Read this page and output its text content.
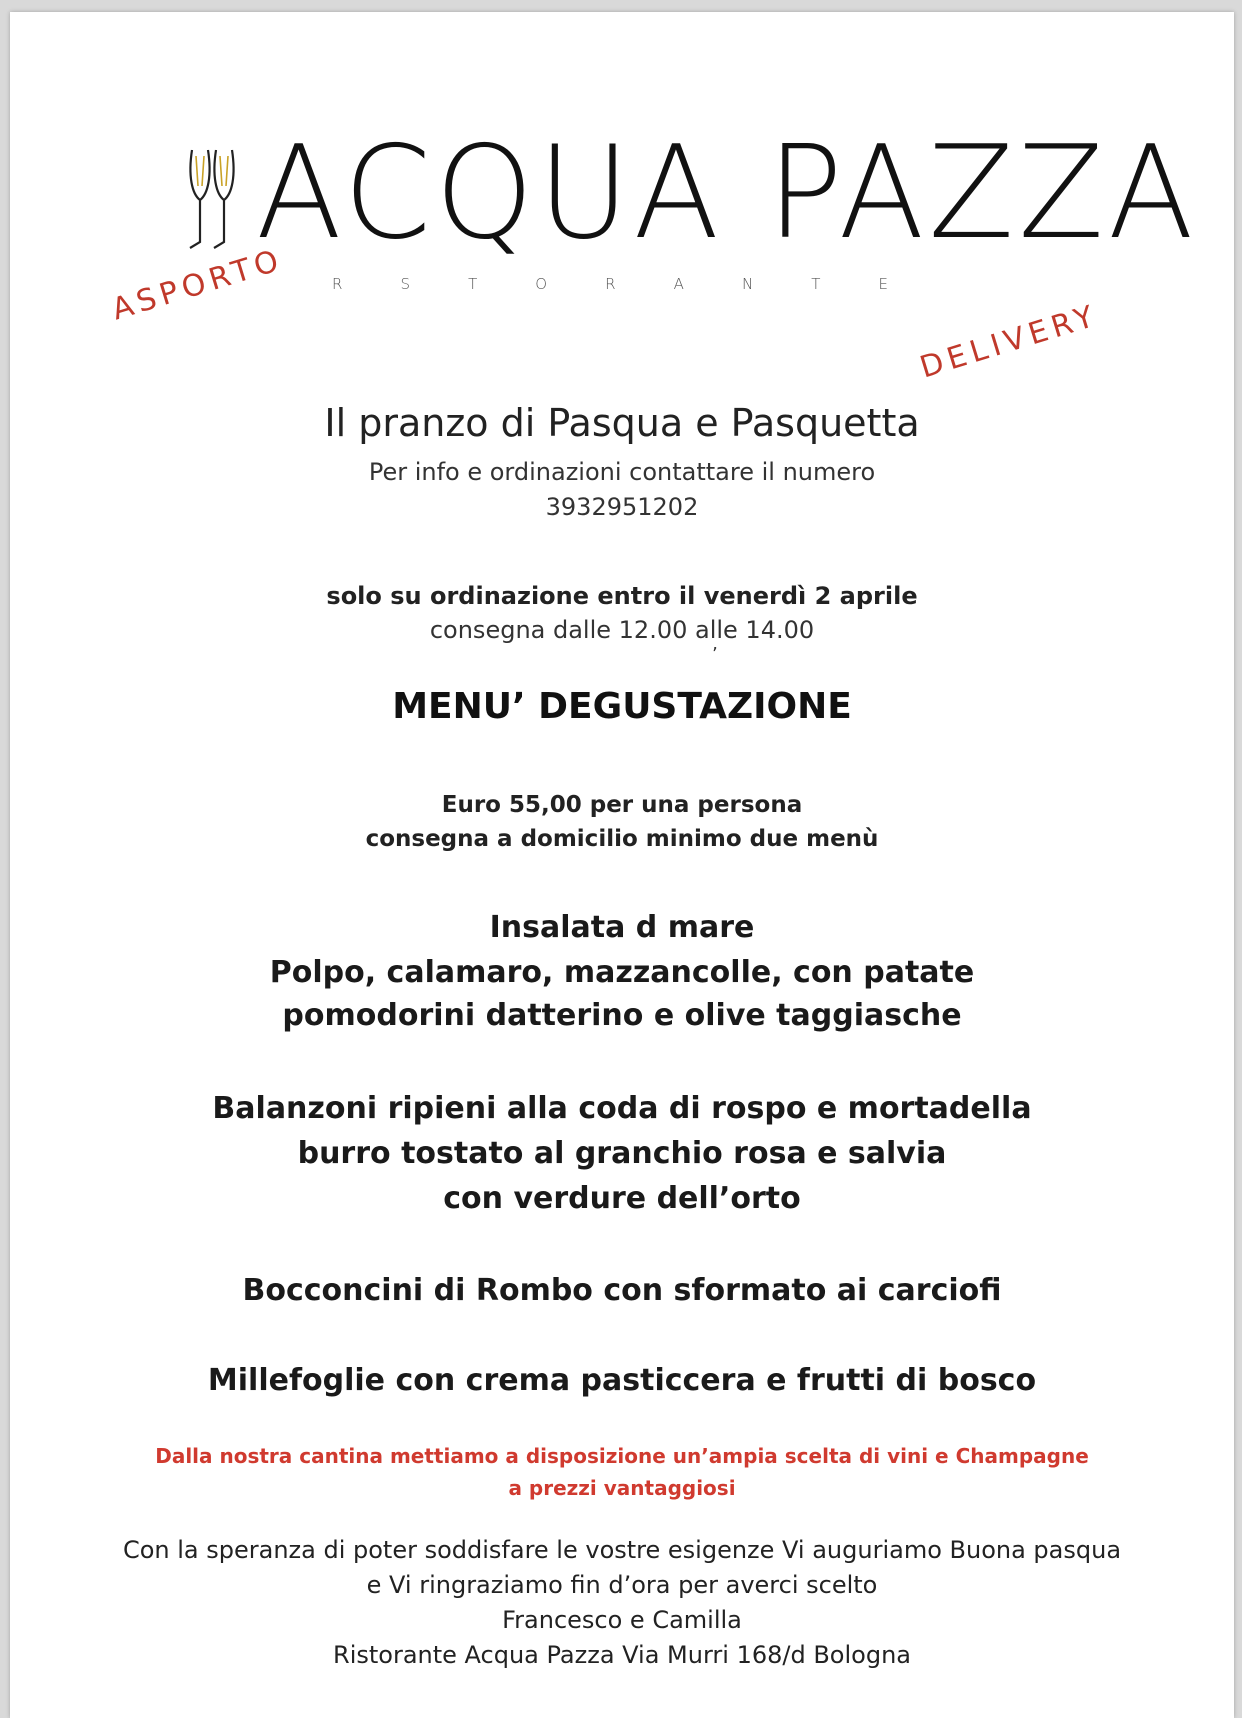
ACQUA PAZZA
R	S	T	O	R	A	N	T	E
ASPORTO
DELIVERY
Il pranzo di Pasqua e Pasquetta
Per info e ordinazioni contattare il numero
3932951202
solo su ordinazione entro il venerdì 2 aprile
consegna dalle 12.00 alle 14.00
’
MENU’ DEGUSTAZIONE
Euro 55,00 per una persona
consegna a domicilio minimo due menù
Insalata d mare
Polpo, calamaro, mazzancolle, con patate
pomodorini datterino e olive taggiasche
Balanzoni ripieni alla coda di rospo e mortadella
burro tostato al granchio rosa e salvia
con verdure dell’orto
Bocconcini di Rombo con sformato ai carciofi
Millefoglie con crema pasticcera e frutti di bosco
Dalla nostra cantina mettiamo a disposizione un’ampia scelta di vini e Champagne
a prezzi vantaggiosi
Con la speranza di poter soddisfare le vostre esigenze Vi auguriamo Buona pasqua
e Vi ringraziamo fin d’ora per averci scelto
Francesco e Camilla
Ristorante Acqua Pazza Via Murri 168/d Bologna
